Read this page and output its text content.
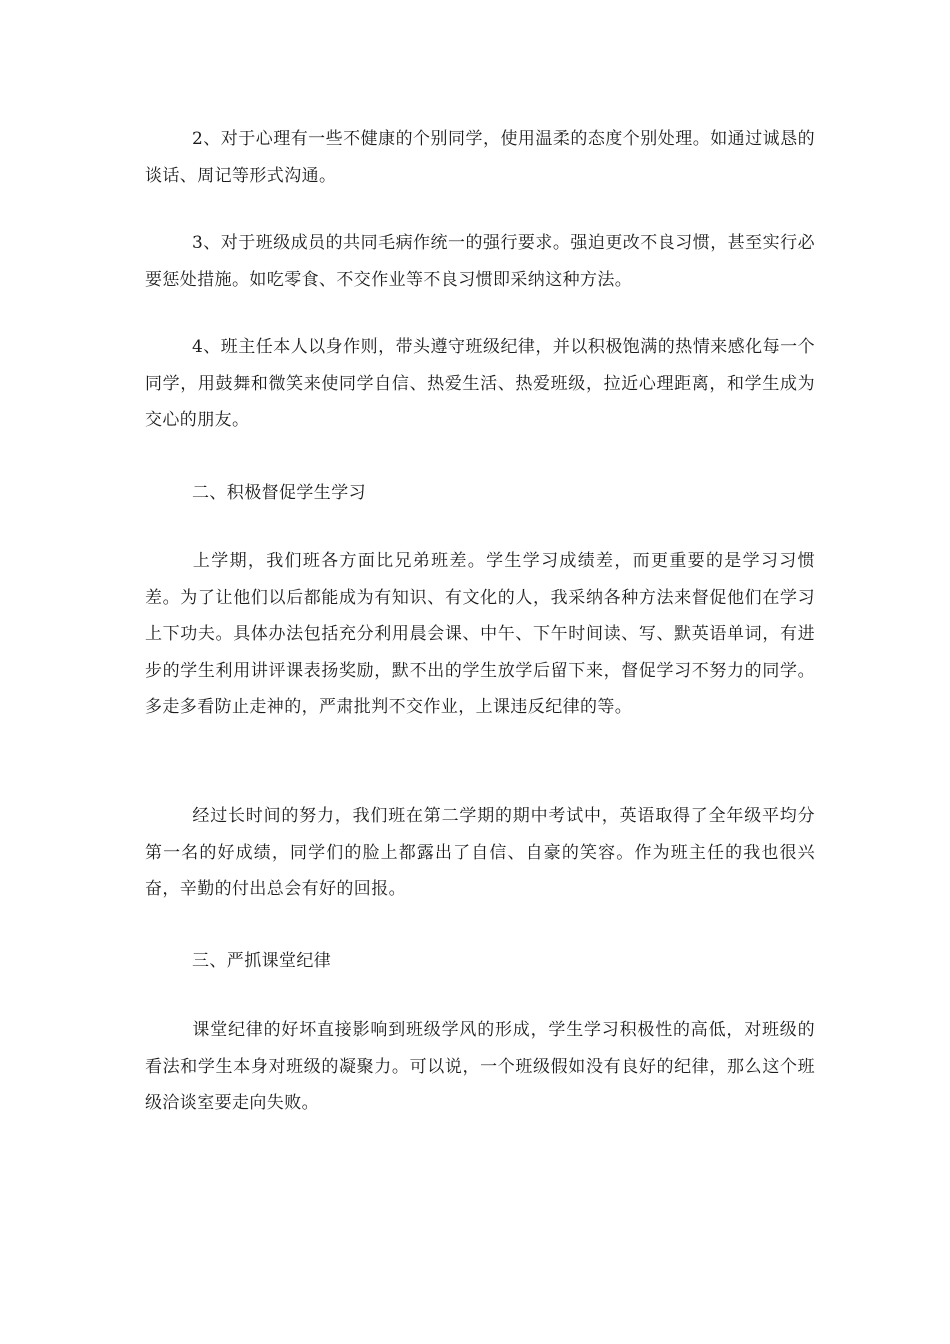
2、对于心理有一些不健康的个别同学，使用温柔的态度个别处理。如通过诚恳的谈话、周记等形式沟通。

3、对于班级成员的共同毛病作统一的强行要求。强迫更改不良习惯，甚至实行必要惩处措施。如吃零食、不交作业等不良习惯即采纳这种方法。

4、班主任本人以身作则，带头遵守班级纪律，并以积极饱满的热情来感化每一个同学，用鼓舞和微笑来使同学自信、热爱生活、热爱班级，拉近心理距离，和学生成为交心的朋友。

二、积极督促学生学习

上学期，我们班各方面比兄弟班差。学生学习成绩差，而更重要的是学习习惯差。为了让他们以后都能成为有知识、有文化的人，我采纳各种方法来督促他们在学习上下功夫。具体办法包括充分利用晨会课、中午、下午时间读、写、默英语单词，有进步的学生利用讲评课表扬奖励，默不出的学生放学后留下来，督促学习不努力的同学。多走多看防止走神的，严肃批判不交作业，上课违反纪律的等。

经过长时间的努力，我们班在第二学期的期中考试中，英语取得了全年级平均分第一名的好成绩，同学们的脸上都露出了自信、自豪的笑容。作为班主任的我也很兴奋，辛勤的付出总会有好的回报。

三、严抓课堂纪律

课堂纪律的好坏直接影响到班级学风的形成，学生学习积极性的高低，对班级的看法和学生本身对班级的凝聚力。可以说，一个班级假如没有良好的纪律，那么这个班级洽谈室要走向失败。
